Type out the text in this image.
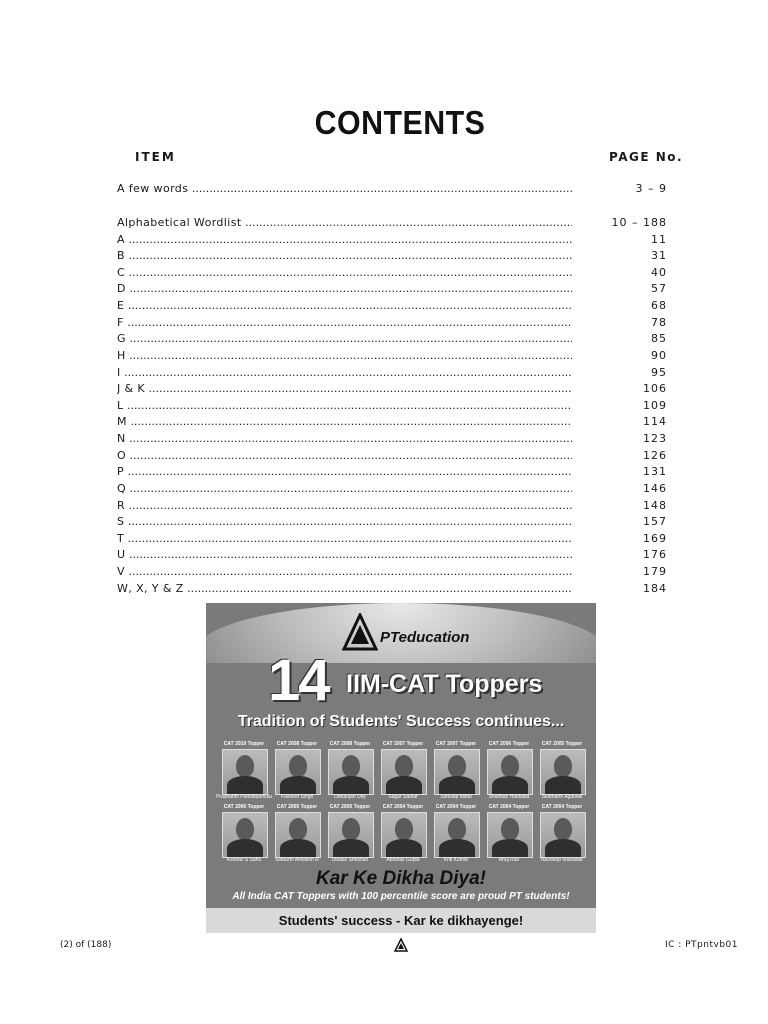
CONTENTS
ITEM	PAGE No.
A few words .....	3 – 9
Alphabetical Wordlist .....	10 – 188
A .....	11
B .....	31
C .....	40
D .....	57
E .....	68
F .....	78
G .....	85
H .....	90
I .....	95
J & K .....	106
L .....	109
M .....	114
N .....	123
O .....	126
P .....	131
Q .....	146
R .....	148
S .....	157
T .....	169
U .....	176
V .....	179
W, X, Y & Z .....	184
PTeducation
14 IIM-CAT Toppers
Tradition of Students' Success continues...
CAT 2010 Topper
Prashanth Pamidipamula
CAT 2008 Topper
Pavneet Singh
CAT 2008 Topper
Debanjan Dey
CAT 2007 Topper
Sagar Sarkar
CAT 2007 Topper
Sankalp Mittal
CAT 2006 Topper
Shahbaz Haidaiba
CAT 2005 Topper
Siddharth Agarwal
CAT 2006 Topper
Keshav S Sahu
CAT 2005 Topper
Siddarth Akhilesh R
CAT 2005 Topper
Utsaav Sheshan
CAT 2004 Topper
Abhinav Gupta
CAT 2004 Topper
Kriti Kumar
CAT 2004 Topper
Anuj Rao
CAT 2004 Topper
Navdeep Mahawar
Kar Ke Dikha Diya!
All India CAT Toppers with 100 percentile score are proud PT students!
Students' success - Kar ke dikhayenge!
(2) of (188)	IC : PTpntvb01
